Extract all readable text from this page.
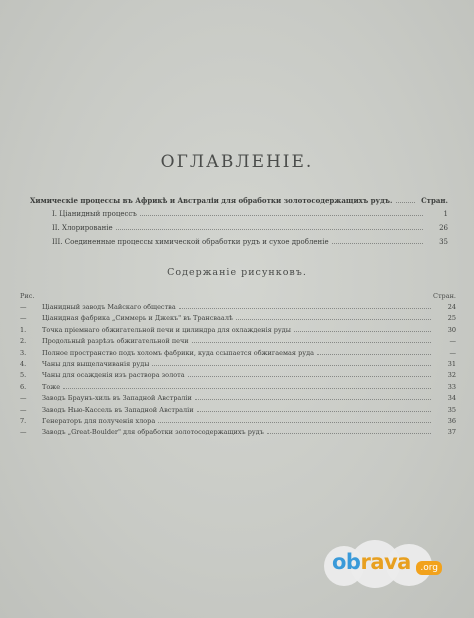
ОГЛАВЛЕНІЕ.
Химическіе процессы въ Африкѣ и Австраліи для обработки золотосодержащихъ рудъ.	Стран.
I. Ціанидный процессъ	1
II. Хлорированіе	26
III. Соединенные процессы химической обработки рудъ и сухое дробленіе	35
Содержаніе рисунковъ.
Рис.	Стран.
—	Ціанидный заводъ Майскаго общества	24
—	Ціанидная фабрика „Симмерь и Джекъ" въ Трансваалѣ	25
1.	Точка пріемнаго обжигательной печи и цилиндра для охлажденія руды	30
2.	Продольный разрѣзъ обжигательной печи	—
3.	Полное пространство подъ холомъ фабрики, куда ссыпается обжигаемая руда	—
4.	Чаны для выщелачиванія руды	31
5.	Чаны для осажденія изъ раствора золота	32
6.	Тоже	33
—	Заводъ Браунъ-хиль въ Западной Австраліи	34
—	Заводъ Нью-Кассель въ Западной Австраліи	35
7.	Генераторъ для полученія хлора	36
—	Заводъ „Great-Boulder" для обработки золотосодержащихъ рудъ	37
obrava	.org
